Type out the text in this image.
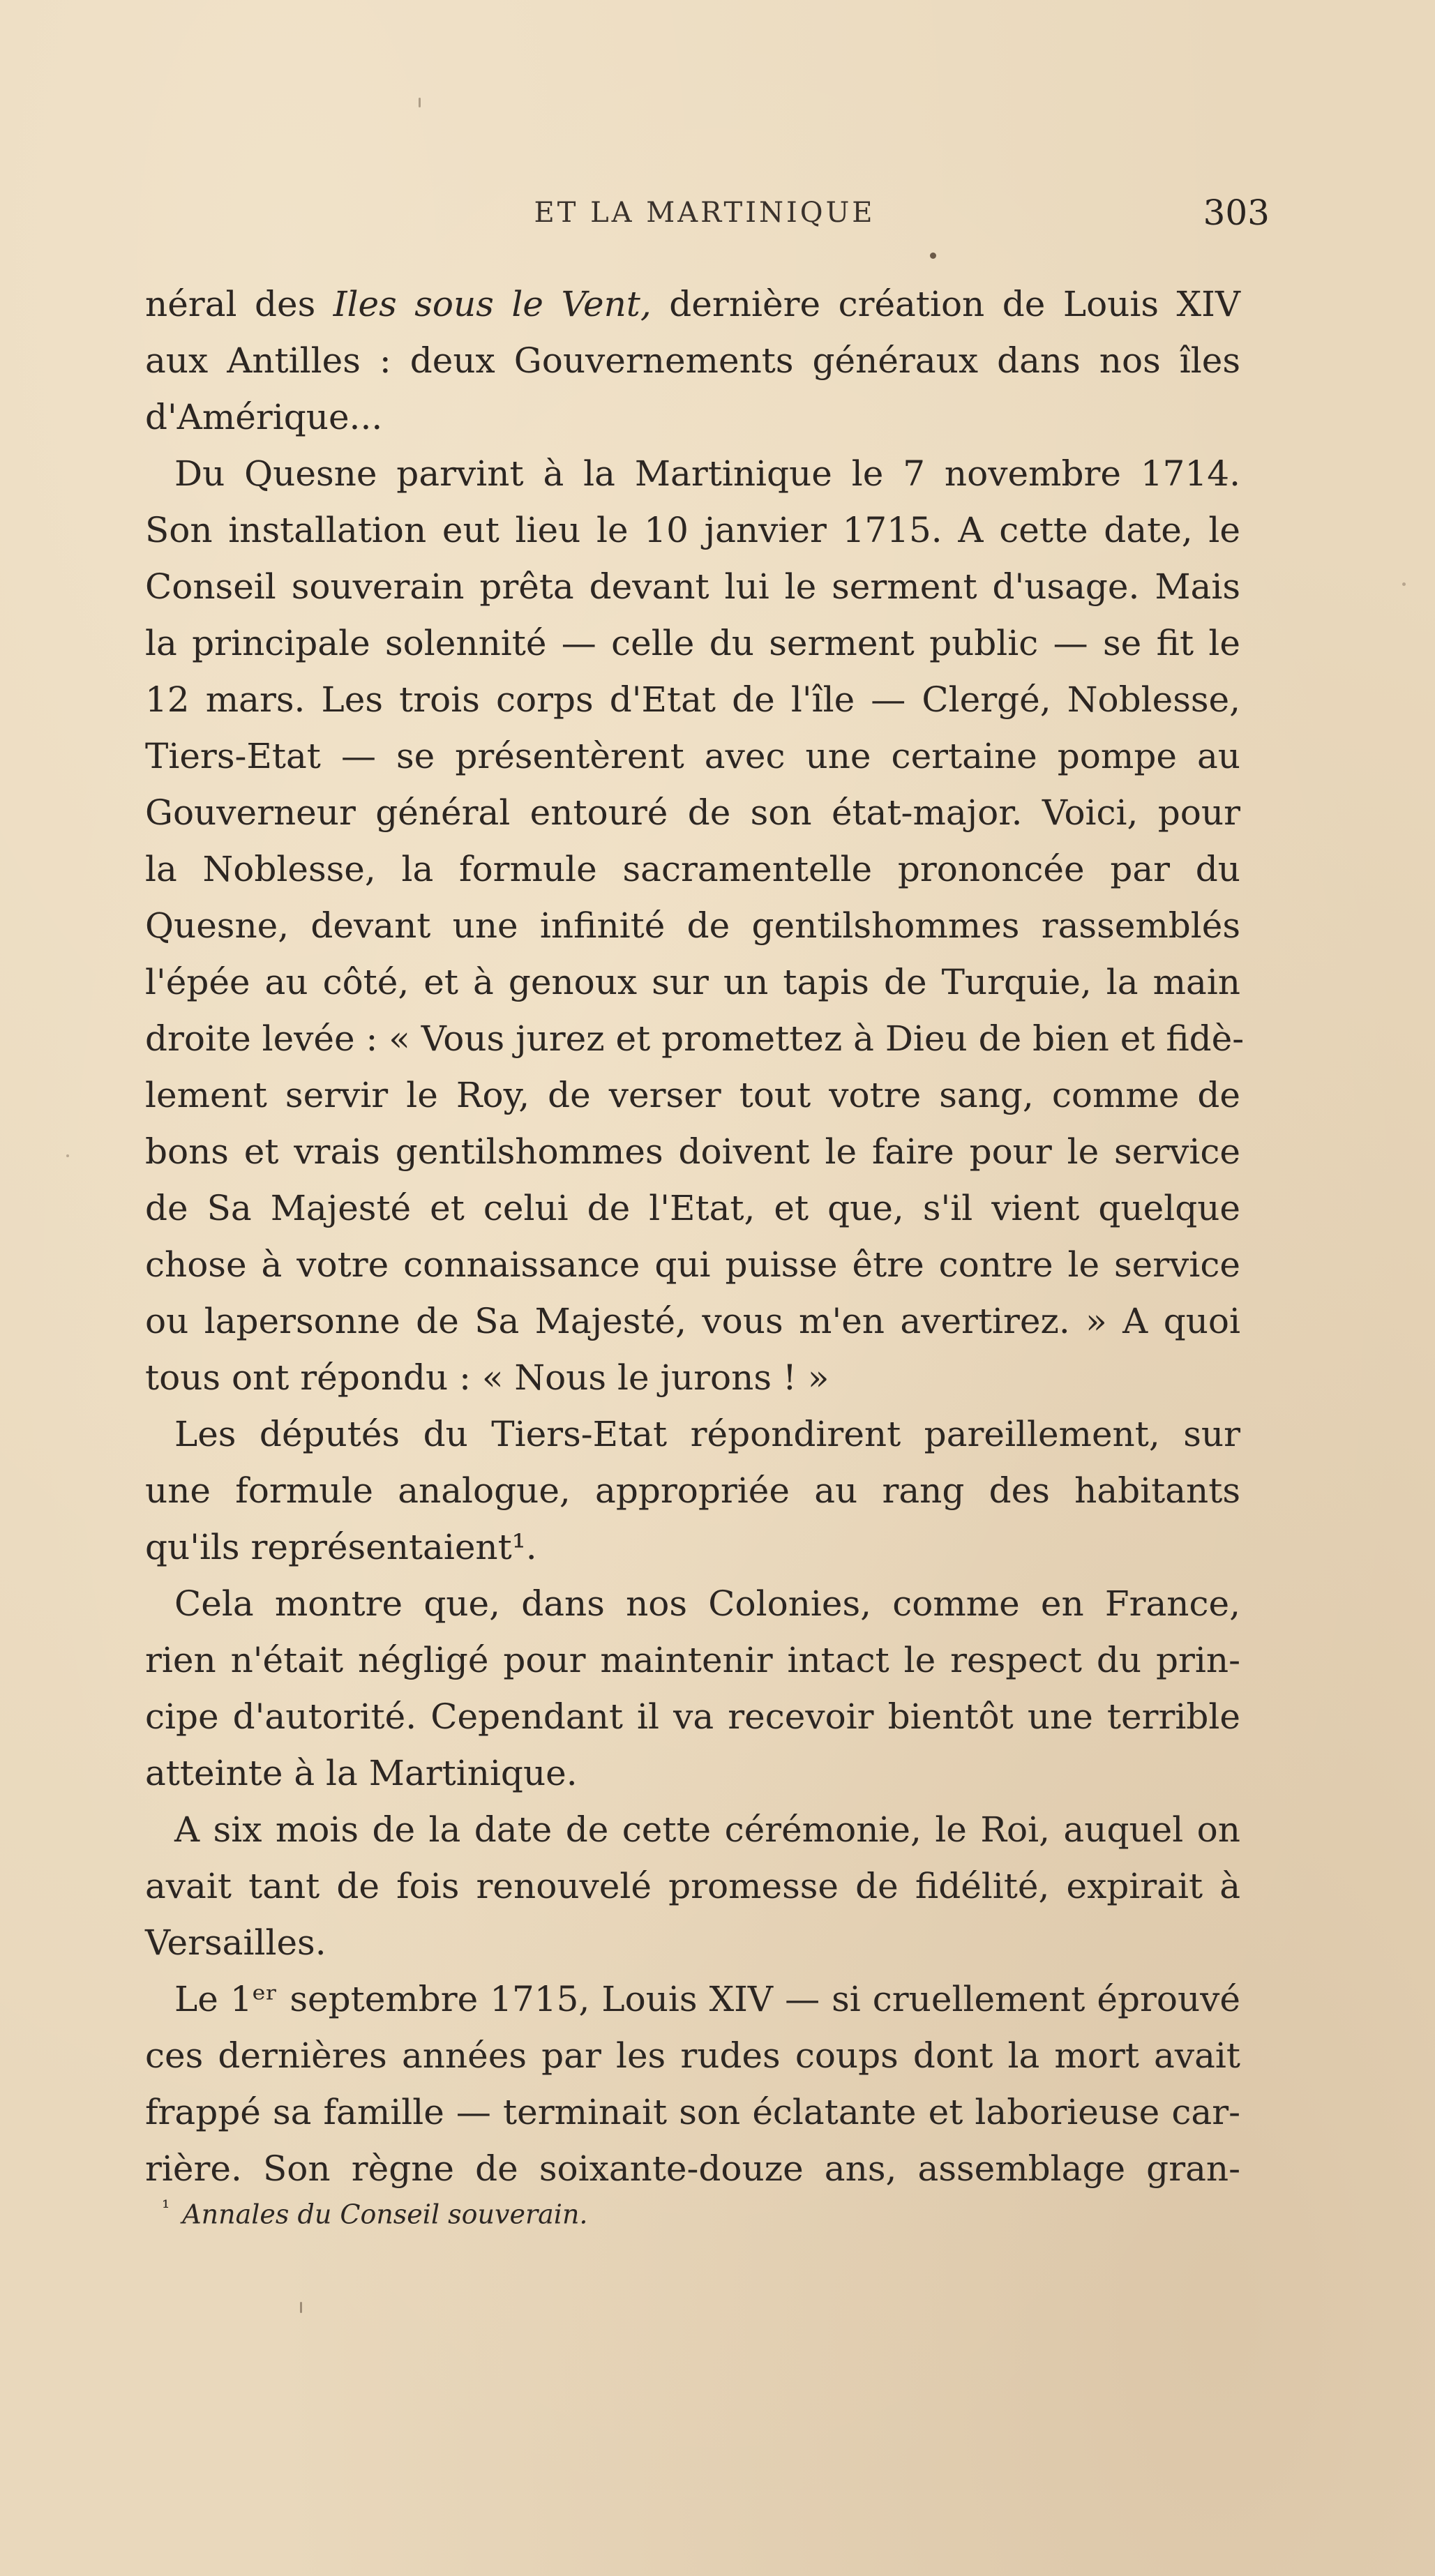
ET LA MARTINIQUE	303
néral des Iles sous le Vent, dernière création de Louis XIV
aux Antilles : deux Gouvernements généraux dans nos îles
d'Amérique...
Du Quesne parvint à la Martinique le 7 novembre 1714.
Son installation eut lieu le 10 janvier 1715. A cette date, le
Conseil souverain prêta devant lui le serment d'usage. Mais
la principale solennité — celle du serment public — se fit le
12 mars. Les trois corps d'Etat de l'île — Clergé, Noblesse,
Tiers-Etat — se présentèrent avec une certaine pompe au
Gouverneur général entouré de son état-major. Voici, pour
la Noblesse, la formule sacramentelle prononcée par du
Quesne, devant une infinité de gentilshommes rassemblés
l'épée au côté, et à genoux sur un tapis de Turquie, la main
droite levée : « Vous jurez et promettez à Dieu de bien et fidè-
lement servir le Roy, de verser tout votre sang, comme de
bons et vrais gentilshommes doivent le faire pour le service
de Sa Majesté et celui de l'Etat, et que, s'il vient quelque
chose à votre connaissance qui puisse être contre le service
ou lapersonne de Sa Majesté, vous m'en avertirez. » A quoi
tous ont répondu : « Nous le jurons ! »
Les députés du Tiers-Etat répondirent pareillement, sur
une formule analogue, appropriée au rang des habitants
qu'ils représentaient¹.
Cela montre que, dans nos Colonies, comme en France,
rien n'était négligé pour maintenir intact le respect du prin-
cipe d'autorité. Cependant il va recevoir bientôt une terrible
atteinte à la Martinique.
A six mois de la date de cette cérémonie, le Roi, auquel on
avait tant de fois renouvelé promesse de fidélité, expirait à
Versailles.
Le 1ᵉʳ septembre 1715, Louis XIV — si cruellement éprouvé
ces dernières années par les rudes coups dont la mort avait
frappé sa famille — terminait son éclatante et laborieuse car-
rière. Son règne de soixante-douze ans, assemblage gran-
$^{^1}$ Annales du Conseil souverain.
